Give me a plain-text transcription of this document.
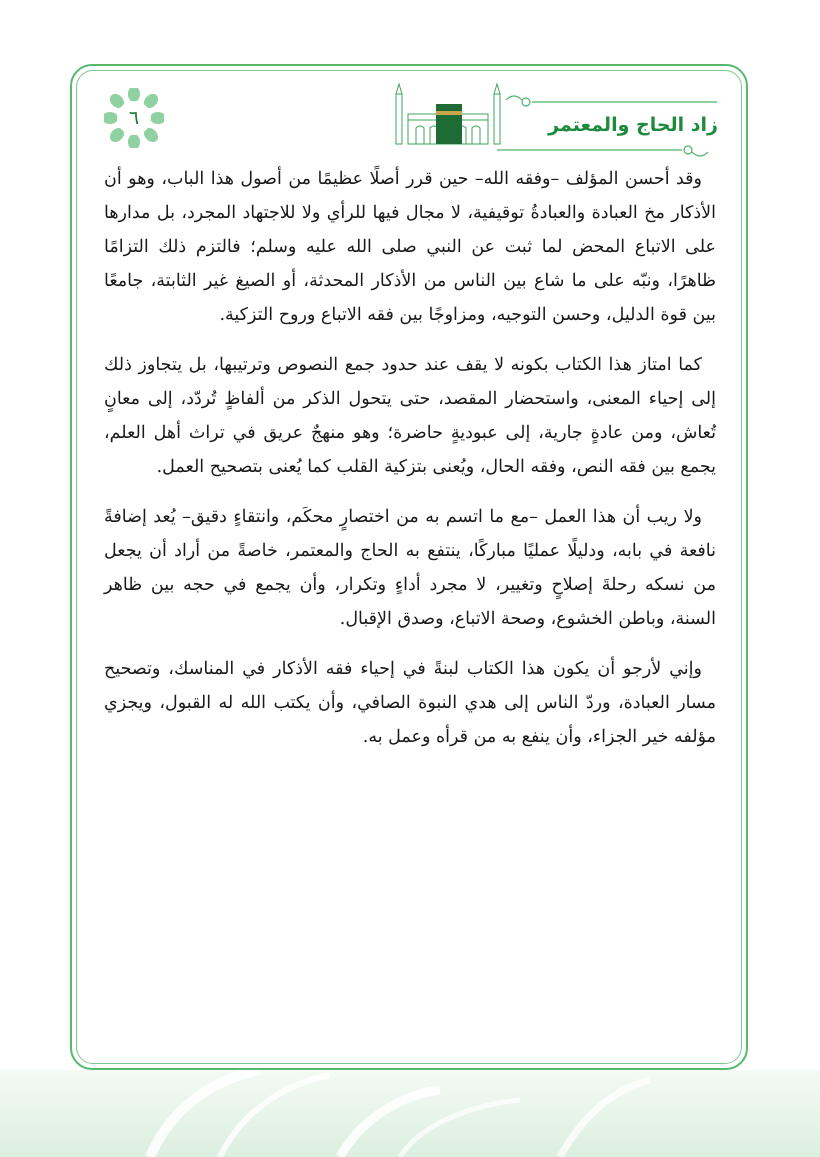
٦	زاد الحاج والمعتمر

وقد أحسن المؤلف –وفقه الله– حين قرر أصلًا عظيمًا من أصول هذا الباب، وهو أن الأذكار مخ العبادة والعبادةُ توقيفية، لا مجال فيها للرأي ولا للاجتهاد المجرد، بل مدارها على الاتباع المحض لما ثبت عن النبي صلى الله عليه وسلم؛ فالتزم ذلك التزامًا ظاهرًا، ونبّه على ما شاع بين الناس من الأذكار المحدثة، أو الصيغ غير الثابتة، جامعًا بين قوة الدليل، وحسن التوجيه، ومزاوجًا بين فقه الاتباع وروح التزكية.

كما امتاز هذا الكتاب بكونه لا يقف عند حدود جمع النصوص وترتيبها، بل يتجاوز ذلك إلى إحياء المعنى، واستحضار المقصد، حتى يتحول الذكر من ألفاظٍ تُردّد، إلى معانٍ تُعاش، ومن عادةٍ جارية، إلى عبوديةٍ حاضرة؛ وهو منهجٌ عريق في تراث أهل العلم، يجمع بين فقه النص، وفقه الحال، ويُعنى بتزكية القلب كما يُعنى بتصحيح العمل.

ولا ريب أن هذا العمل –مع ما اتسم به من اختصارٍ محكَم، وانتقاءٍ دقيق– يُعد إضافةً نافعة في بابه، ودليلًا عمليًا مباركًا، ينتفع به الحاج والمعتمر، خاصةً من أراد أن يجعل من نسكه رحلةَ إصلاحٍ وتغيير، لا مجرد أداءٍ وتكرار، وأن يجمع في حجه بين ظاهر السنة، وباطن الخشوع، وصحة الاتباع، وصدق الإقبال.

وإني لأرجو أن يكون هذا الكتاب لبنةً في إحياء فقه الأذكار في المناسك، وتصحيح مسار العبادة، وردّ الناس إلى هدي النبوة الصافي، وأن يكتب الله له القبول، ويجزي مؤلفه خير الجزاء، وأن ينفع به من قرأه وعمل به.
